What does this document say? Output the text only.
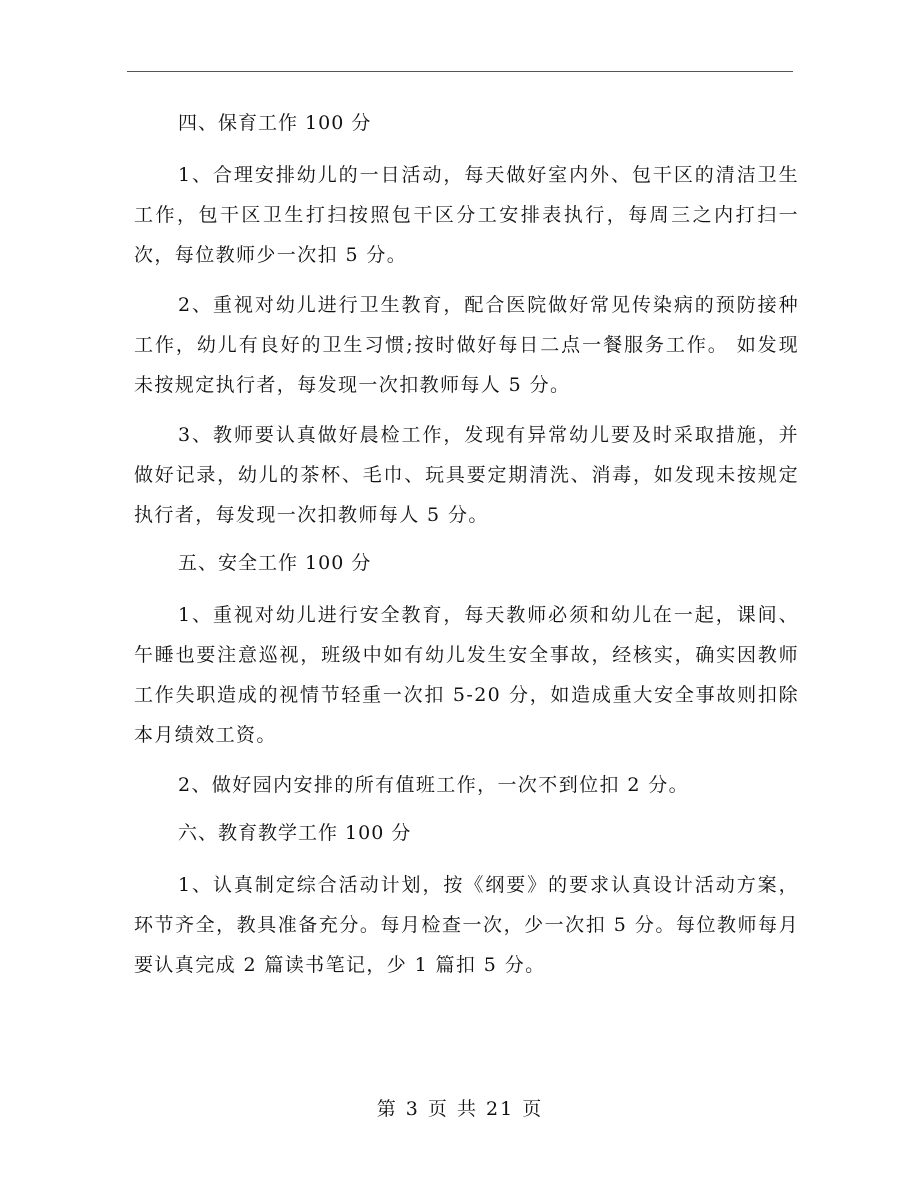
四、保育工作 100 分

1、合理安排幼儿的一日活动，每天做好室内外、包干区的清洁卫生工作，包干区卫生打扫按照包干区分工安排表执行，每周三之内打扫一次，每位教师少一次扣 5 分。

2、重视对幼儿进行卫生教育，配合医院做好常见传染病的预防接种工作，幼儿有良好的卫生习惯;按时做好每日二点一餐服务工作。 如发现未按规定执行者，每发现一次扣教师每人 5 分。

3、教师要认真做好晨检工作，发现有异常幼儿要及时采取措施，并做好记录，幼儿的茶杯、毛巾、玩具要定期清洗、消毒，如发现未按规定执行者，每发现一次扣教师每人 5 分。

五、安全工作 100 分

1、重视对幼儿进行安全教育，每天教师必须和幼儿在一起，课间、午睡也要注意巡视，班级中如有幼儿发生安全事故，经核实，确实因教师工作失职造成的视情节轻重一次扣 5-20 分，如造成重大安全事故则扣除本月绩效工资。

2、做好园内安排的所有值班工作，一次不到位扣 2 分。

六、教育教学工作 100 分

1、认真制定综合活动计划，按《纲要》的要求认真设计活动方案，环节齐全，教具准备充分。每月检查一次，少一次扣 5 分。每位教师每月要认真完成 2 篇读书笔记，少 1 篇扣 5 分。

第 3 页 共 21 页
